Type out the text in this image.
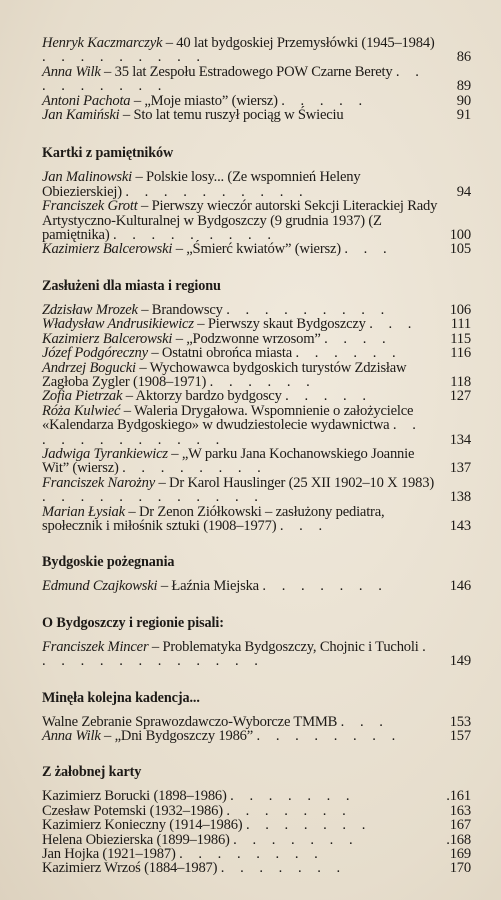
Henryk Kaczmarczyk – 40 lat bydgoskiej Przemysłówki (1945–1984) . . . . . . . . .	86
Anna Wilk – 35 lat Zespołu Estradowego POW Czarne Berety . . . . . . . . .	89
Antoni Pachota – „Moje miasto” (wiersz) . . . . .	90
Jan Kamiński – Sto lat temu ruszył pociąg w Świeciu	91
Kartki z pamiętników
Jan Malinowski – Polskie losy... (Ze wspomnień Heleny Obiezierskiej) . . . . . . . . . .	94
Franciszek Grott – Pierwszy wieczór autorski Sekcji Literackiej Rady Artystyczno-Kulturalnej w Bydgoszczy (9 grudnia 1937) (Z pamiętnika) . . . . . . . . .	100
Kazimierz Balcerowski – „Śmierć kwiatów” (wiersz) . . .	105
Zasłużeni dla miasta i regionu
Zdzisław Mrozek – Brandowscy . . . . . . . . .	106
Władysław Andrusikiewicz – Pierwszy skaut Bydgoszczy . . .	111
Kazimierz Balcerowski – „Podzwonne wrzosom” . . . .	115
Józef Podgóreczny – Ostatni obrońca miasta . . . . . .	116
Andrzej Bogucki – Wychowawca bydgoskich turystów Zdzisław Zagłoba Zygler (1908–1971) . . . . . .	118
Zofia Pietrzak – Aktorzy bardzo bydgoscy . . . . .	127
Róża Kulwieć – Waleria Drygałowa. Wspomnienie o założycielce «Kalendarza Bydgoskiego» w dwudziestolecie wydawnictwa . . . . . . . . . . . .	134
Jadwiga Tyrankiewicz – „W parku Jana Kochanowskiego Joannie Wit” (wiersz) . . . . . . . .	137
Franciszek Narożny – Dr Karol Hauslinger (25 XII 1902–10 X 1983) . . . . . . . . . . . .	138
Marian Łysiak – Dr Zenon Ziółkowski – zasłużony pediatra, społecznik i miłośnik sztuki (1908–1977) . . .	143
Bydgoskie pożegnania
Edmund Czajkowski – Łaźnia Miejska . . . . . . .	146
O Bydgoszczy i regionie pisali:
Franciszek Mincer – Problematyka Bydgoszczy, Chojnic i Tucholi . . . . . . . . . . . . .	149
Minęła kolejna kadencja...
Walne Zebranie Sprawozdawczo-Wyborcze TMMB . . .	153
Anna Wilk – „Dni Bydgoszczy 1986” . . . . . . . .	157
Z żałobnej karty
Kazimierz Borucki (1898–1986) . . . . . . .	.161
Czesław Potemski (1932–1986) . . . . . . .	163
Kazimierz Konieczny (1914–1986) . . . . . . .	167
Helena Obiezierska (1899–1986) . . . . . . .	.168
Jan Hojka (1921–1987) . . . . . . . .	169
Kazimierz Wrzoś (1884–1987) . . . . . . .	170
